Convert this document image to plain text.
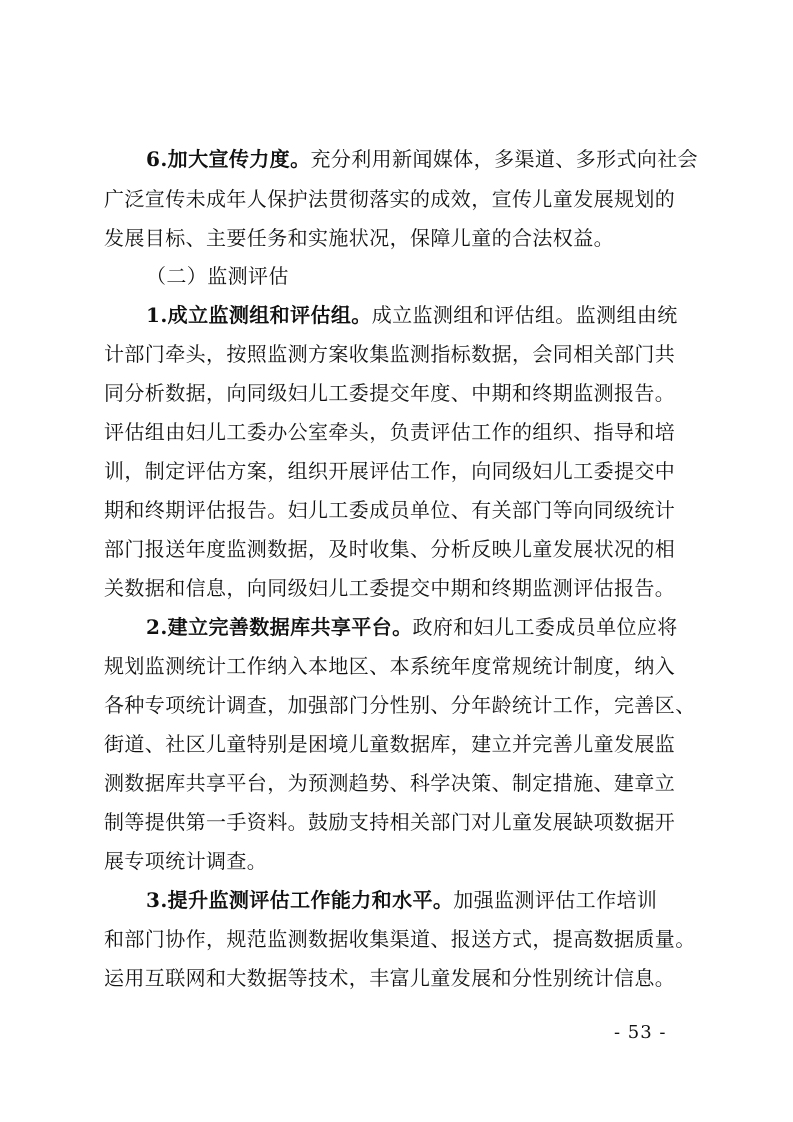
6.加大宣传力度。充分利用新闻媒体，多渠道、多形式向社会
广泛宣传未成年人保护法贯彻落实的成效，宣传儿童发展规划的
发展目标、主要任务和实施状况，保障儿童的合法权益。
（二）监测评估
1.成立监测组和评估组。成立监测组和评估组。监测组由统
计部门牵头，按照监测方案收集监测指标数据，会同相关部门共
同分析数据，向同级妇儿工委提交年度、中期和终期监测报告。
评估组由妇儿工委办公室牵头，负责评估工作的组织、指导和培
训，制定评估方案，组织开展评估工作，向同级妇儿工委提交中
期和终期评估报告。妇儿工委成员单位、有关部门等向同级统计
部门报送年度监测数据，及时收集、分析反映儿童发展状况的相
关数据和信息，向同级妇儿工委提交中期和终期监测评估报告。
2.建立完善数据库共享平台。政府和妇儿工委成员单位应将
规划监测统计工作纳入本地区、本系统年度常规统计制度，纳入
各种专项统计调查，加强部门分性别、分年龄统计工作，完善区、
街道、社区儿童特别是困境儿童数据库，建立并完善儿童发展监
测数据库共享平台，为预测趋势、科学决策、制定措施、建章立
制等提供第一手资料。鼓励支持相关部门对儿童发展缺项数据开
展专项统计调查。
3.提升监测评估工作能力和水平。加强监测评估工作培训
和部门协作，规范监测数据收集渠道、报送方式，提高数据质量。
运用互联网和大数据等技术，丰富儿童发展和分性别统计信息。
- 53 -
